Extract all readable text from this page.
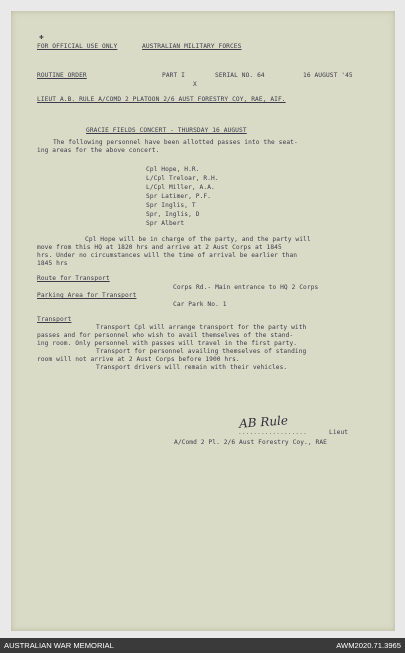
✚
FOR OFFICIAL USE ONLY	AUSTRALIAN MILITARY FORCES
ROUTINE ORDER	PART I	SERIAL NO. 64	16 AUGUST '45
X
LIEUT A.B. RULE A/COMD 2 PLATOON 2/6 AUST FORESTRY COY, RAE, AIF.
GRACIE FIELDS CONCERT - THURSDAY 16 AUGUST
The following personnel have been allotted passes into the seat-
ing areas for the above concert.
Cpl Hope, H.R.
L/Cpl Treloar, R.H.
L/Cpl Miller, A.A.
Spr Latimer, P.F.
Spr Inglis, T
Spr, Inglis, D
Spr Albert
Cpl Hope will be in charge of the party, and the party will
move from this HQ at 1820 hrs and arrive at 2 Aust Corps at 1845
hrs. Under no circumstances will the time of arrival be earlier than
1845 hrs
Route for Transport
Corps Rd.- Main entrance to HQ 2 Corps
Parking Area for Transport
Car Park No. 1
Transport
Transport Cpl will arrange transport for the party with
passes and for personnel who wish to avail themselves of the stand-
ing room. Only personnel with passes will travel in the first party.
Transport for personnel availing themselves of standing
room will not arrive at 2 Aust Corps before 1900 hrs.
Transport drivers will remain with their vehicles.
AB Rule
..................	Lieut
A/Comd 2 Pl. 2/6 Aust Forestry Coy., RAE
AUSTRALIAN WAR MEMORIAL	AWM2020.71.3965
